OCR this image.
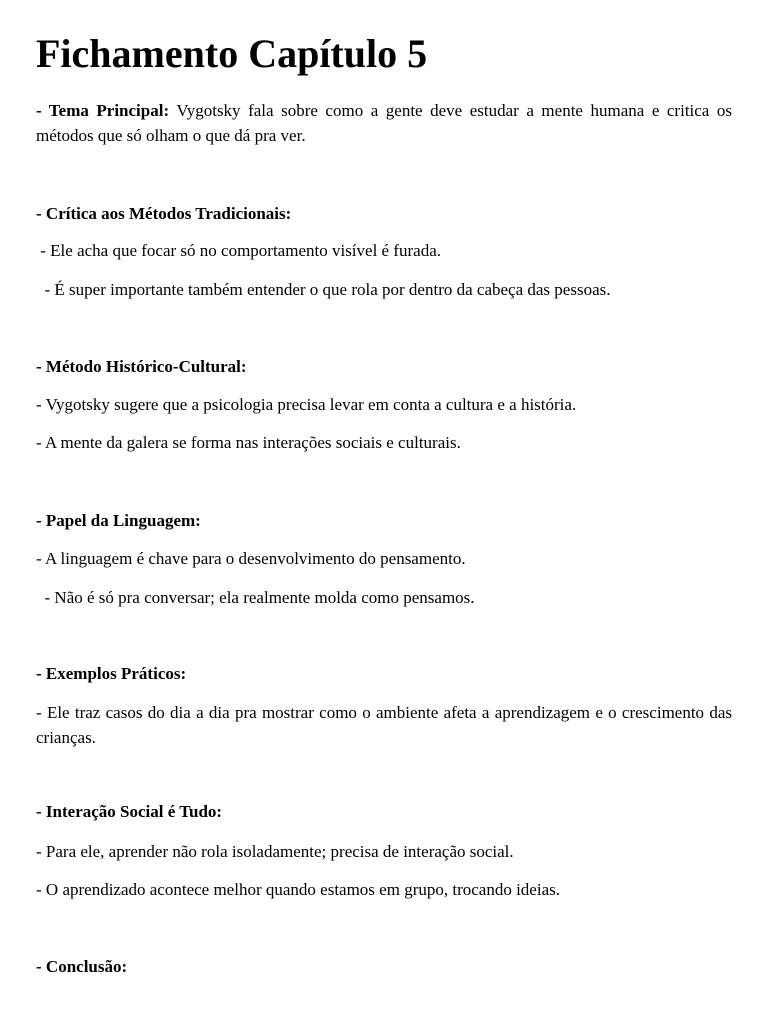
Fichamento Capítulo 5

- Tema Principal: Vygotsky fala sobre como a gente deve estudar a mente humana e critica os métodos que só olham o que dá pra ver.

- Crítica aos Métodos Tradicionais:

- Ele acha que focar só no comportamento visível é furada.

- É super importante também entender o que rola por dentro da cabeça das pessoas.

- Método Histórico-Cultural:

- Vygotsky sugere que a psicologia precisa levar em conta a cultura e a história.

- A mente da galera se forma nas interações sociais e culturais.

- Papel da Linguagem:

- A linguagem é chave para o desenvolvimento do pensamento.

- Não é só pra conversar; ela realmente molda como pensamos.

- Exemplos Práticos:

- Ele traz casos do dia a dia pra mostrar como o ambiente afeta a aprendizagem e o crescimento das crianças.

- Interação Social é Tudo:

- Para ele, aprender não rola isoladamente; precisa de interação social.

- O aprendizado acontece melhor quando estamos em grupo, trocando ideias.

- Conclusão:
